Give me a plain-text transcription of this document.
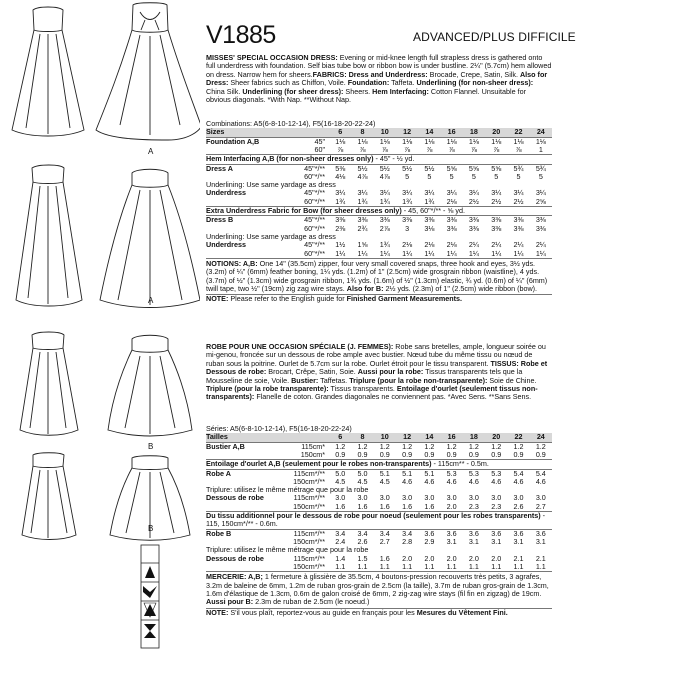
A
A
B
B
V1885	ADVANCED/PLUS DIFFICILE

MISSES' SPECIAL OCCASION DRESS: Evening or mid-knee length full strapless dress is gathered onto full underdress with foundation. Self bias tube bow or ribbon bow is under bustline. 2¼" (5.7cm) hem allowed on dress. Narrow hem for sheers.FABRICS: Dress and Underdress: Brocade, Crepe, Satin, Silk. Also for Dress: Sheer fabrics such as Chiffon, Voile. Foundation: Taffeta. Underlining (for non-sheer dress): China Silk. Underlining (for sheer dress): Sheers. Hem Interfacing: Cotton Flannel. Unsuitable for obvious diagonals. *With Nap. **Without Nap.

Combinations: A5(6-8-10-12-14), F5(16-18-20-22-24)

Sizes		6	8	10	12	14	16	18	20	22	24
Foundation A,B	45"	1⅛	1⅛	1⅛	1⅛	1⅛	1⅛	1⅛	1⅛	1⅛	1⅛
	60"	⅞	⅞	⅞	⅞	⅞	⅞	⅞	⅞	⅞	1
Hem Interfacing A,B (for non-sheer dresses only) - 45" - ½ yd.											
Dress A	45"*/**	5⅜	5½	5½	5½	5½	5⅝	5⅝	5⅝	5¾	5¾
	60"*/**	4⅛	4⅞	4⅞	5	5	5	5	5	5	5
Underlining: Use same yardage as dress											
Underdress	45"*/**	3¼	3¼	3¼	3¼	3¼	3¼	3¼	3¼	3¼	3¼
	60"*/**	1¾	1¾	1¾	1¾	1¾	2⅛	2½	2½	2½	2⅝
Extra Underdress Fabric for Bow (for sheer dresses only) - 45, 60"*/** - ⅝ yd.											
Dress B	45"*/**	3⅜	3⅜	3⅜	3⅜	3⅜	3⅜	3⅜	3⅜	3⅜	3⅜
	60"*/**	2⅜	2¾	2⅞	3	3⅛	3⅜	3⅜	3⅜	3⅜	3⅜
Underlining: Use same yardage as dress											
Underdress	45"*/**	1½	1⅝	1¾	2⅛	2⅛	2⅛	2¼	2¼	2¼	2¼
	60"*/**	1¼	1¼	1¼	1¼	1¼	1¼	1¼	1¼	1¼	1¼

NOTIONS: A,B: One 14" (35.5cm) zipper, four very small covered snaps, three hook and eyes, 3½ yds. (3.2m) of ¼" (6mm) feather boning, 1¼ yds. (1.2m) of 1" (2.5cm) wide grosgrain ribbon (waistline), 4 yds. (3.7m) of ½" (1.3cm) wide grosgrain ribbon, 1¾ yds. (1.6m) of ½" (1.3cm) elastic, ¾ yd. (0.6m) of ¼" (6mm) twill tape, two ½" (19cm) zig zag wire stays. Also for B: 2½ yds. (2.3m) of 1" (2.5cm) wide ribbon (bow).

NOTE: Please refer to the English guide for Finished Garment Measurements.

ROBE POUR UNE OCCASION SPÉCIALE (J. FEMMES): Robe sans bretelles, ample, longueur soirée ou mi-genou, froncée sur un dessous de robe ample avec bustier. Nœud tube du même tissu ou nœud de ruban sous la poitrine. Ourlet de 5.7cm sur la robe. Ourlet étroit pour le tissu transparent. TISSUS: Robe et Dessous de robe: Brocart, Crêpe, Satin, Soie. Aussi pour la robe: Tissus transparents tels que la Mousseline de soie, Voile. Bustier: Taffetas. Triplure (pour la robe non-transparente): Soie de Chine. Triplure (pour la robe transparente): Tissus transparents. Entoilage d'ourlet (seulement tissus non-transparents): Flanelle de coton. Grandes diagonales ne conviennent pas. *Avec Sens. **Sans Sens.

Séries: A5(6-8-10-12-14), F5(16-18-20-22-24)

Tailles		6	8	10	12	14	16	18	20	22	24
Bustier A,B	115cm*	1.2	1.2	1.2	1.2	1.2	1.2	1.2	1.2	1.2	1.2
	150cm*	0.9	0.9	0.9	0.9	0.9	0.9	0.9	0.9	0.9	0.9
Entoilage d'ourlet A,B (seulement pour le robes non-transparents) - 115cm** - 0.5m.											
Robe A	115cm*/**	5.0	5.0	5.1	5.1	5.1	5.3	5.3	5.3	5.4	5.4
	150cm*/**	4.5	4.5	4.5	4.6	4.6	4.6	4.6	4.6	4.6	4.6
Triplure: utilisez le même métrage que pour la robe											
Dessous de robe	115cm*/**	3.0	3.0	3.0	3.0	3.0	3.0	3.0	3.0	3.0	3.0
	150cm*/**	1.6	1.6	1.6	1.6	1.6	2.0	2.3	2.3	2.6	2.7
Du tissu additionnel pour le dessous de robe pour noeud (seulement pour les robes transparents) - 115, 150cm*/** - 0.6m.											
Robe B	115cm*/**	3.4	3.4	3.4	3.4	3.6	3.6	3.6	3.6	3.6	3.6
	150cm*/**	2.4	2.6	2.7	2.8	2.9	3.1	3.1	3.1	3.1	3.1
Triplure: utilisez le même métrage que pour la robe											
Dessous de robe	115cm*/**	1.4	1.5	1.6	2.0	2.0	2.0	2.0	2.0	2.1	2.1
	150cm*/**	1.1	1.1	1.1	1.1	1.1	1.1	1.1	1.1	1.1	1.1

MERCERIE: A,B; 1 fermeture à glissière de 35.5cm, 4 boutons-pression recouverts très petits, 3 agrafes, 3.2m de baleine de 6mm, 1.2m de ruban gros-grain de 2.5cm (la taille), 3.7m de ruban gros-grain de 1.3cm, 1.6m d'élastique de 1.3cm, 0.6m de galon croisé de 6mm, 2 zig-zag wire stays (fil fin en zigzag) de 19cm. Aussi pour B: 2.3m de ruban de 2.5cm (le noeud.)

NOTE: S'il vous plaît, reportez-vous au guide en français pour les Mesures du Vêtement Fini.
